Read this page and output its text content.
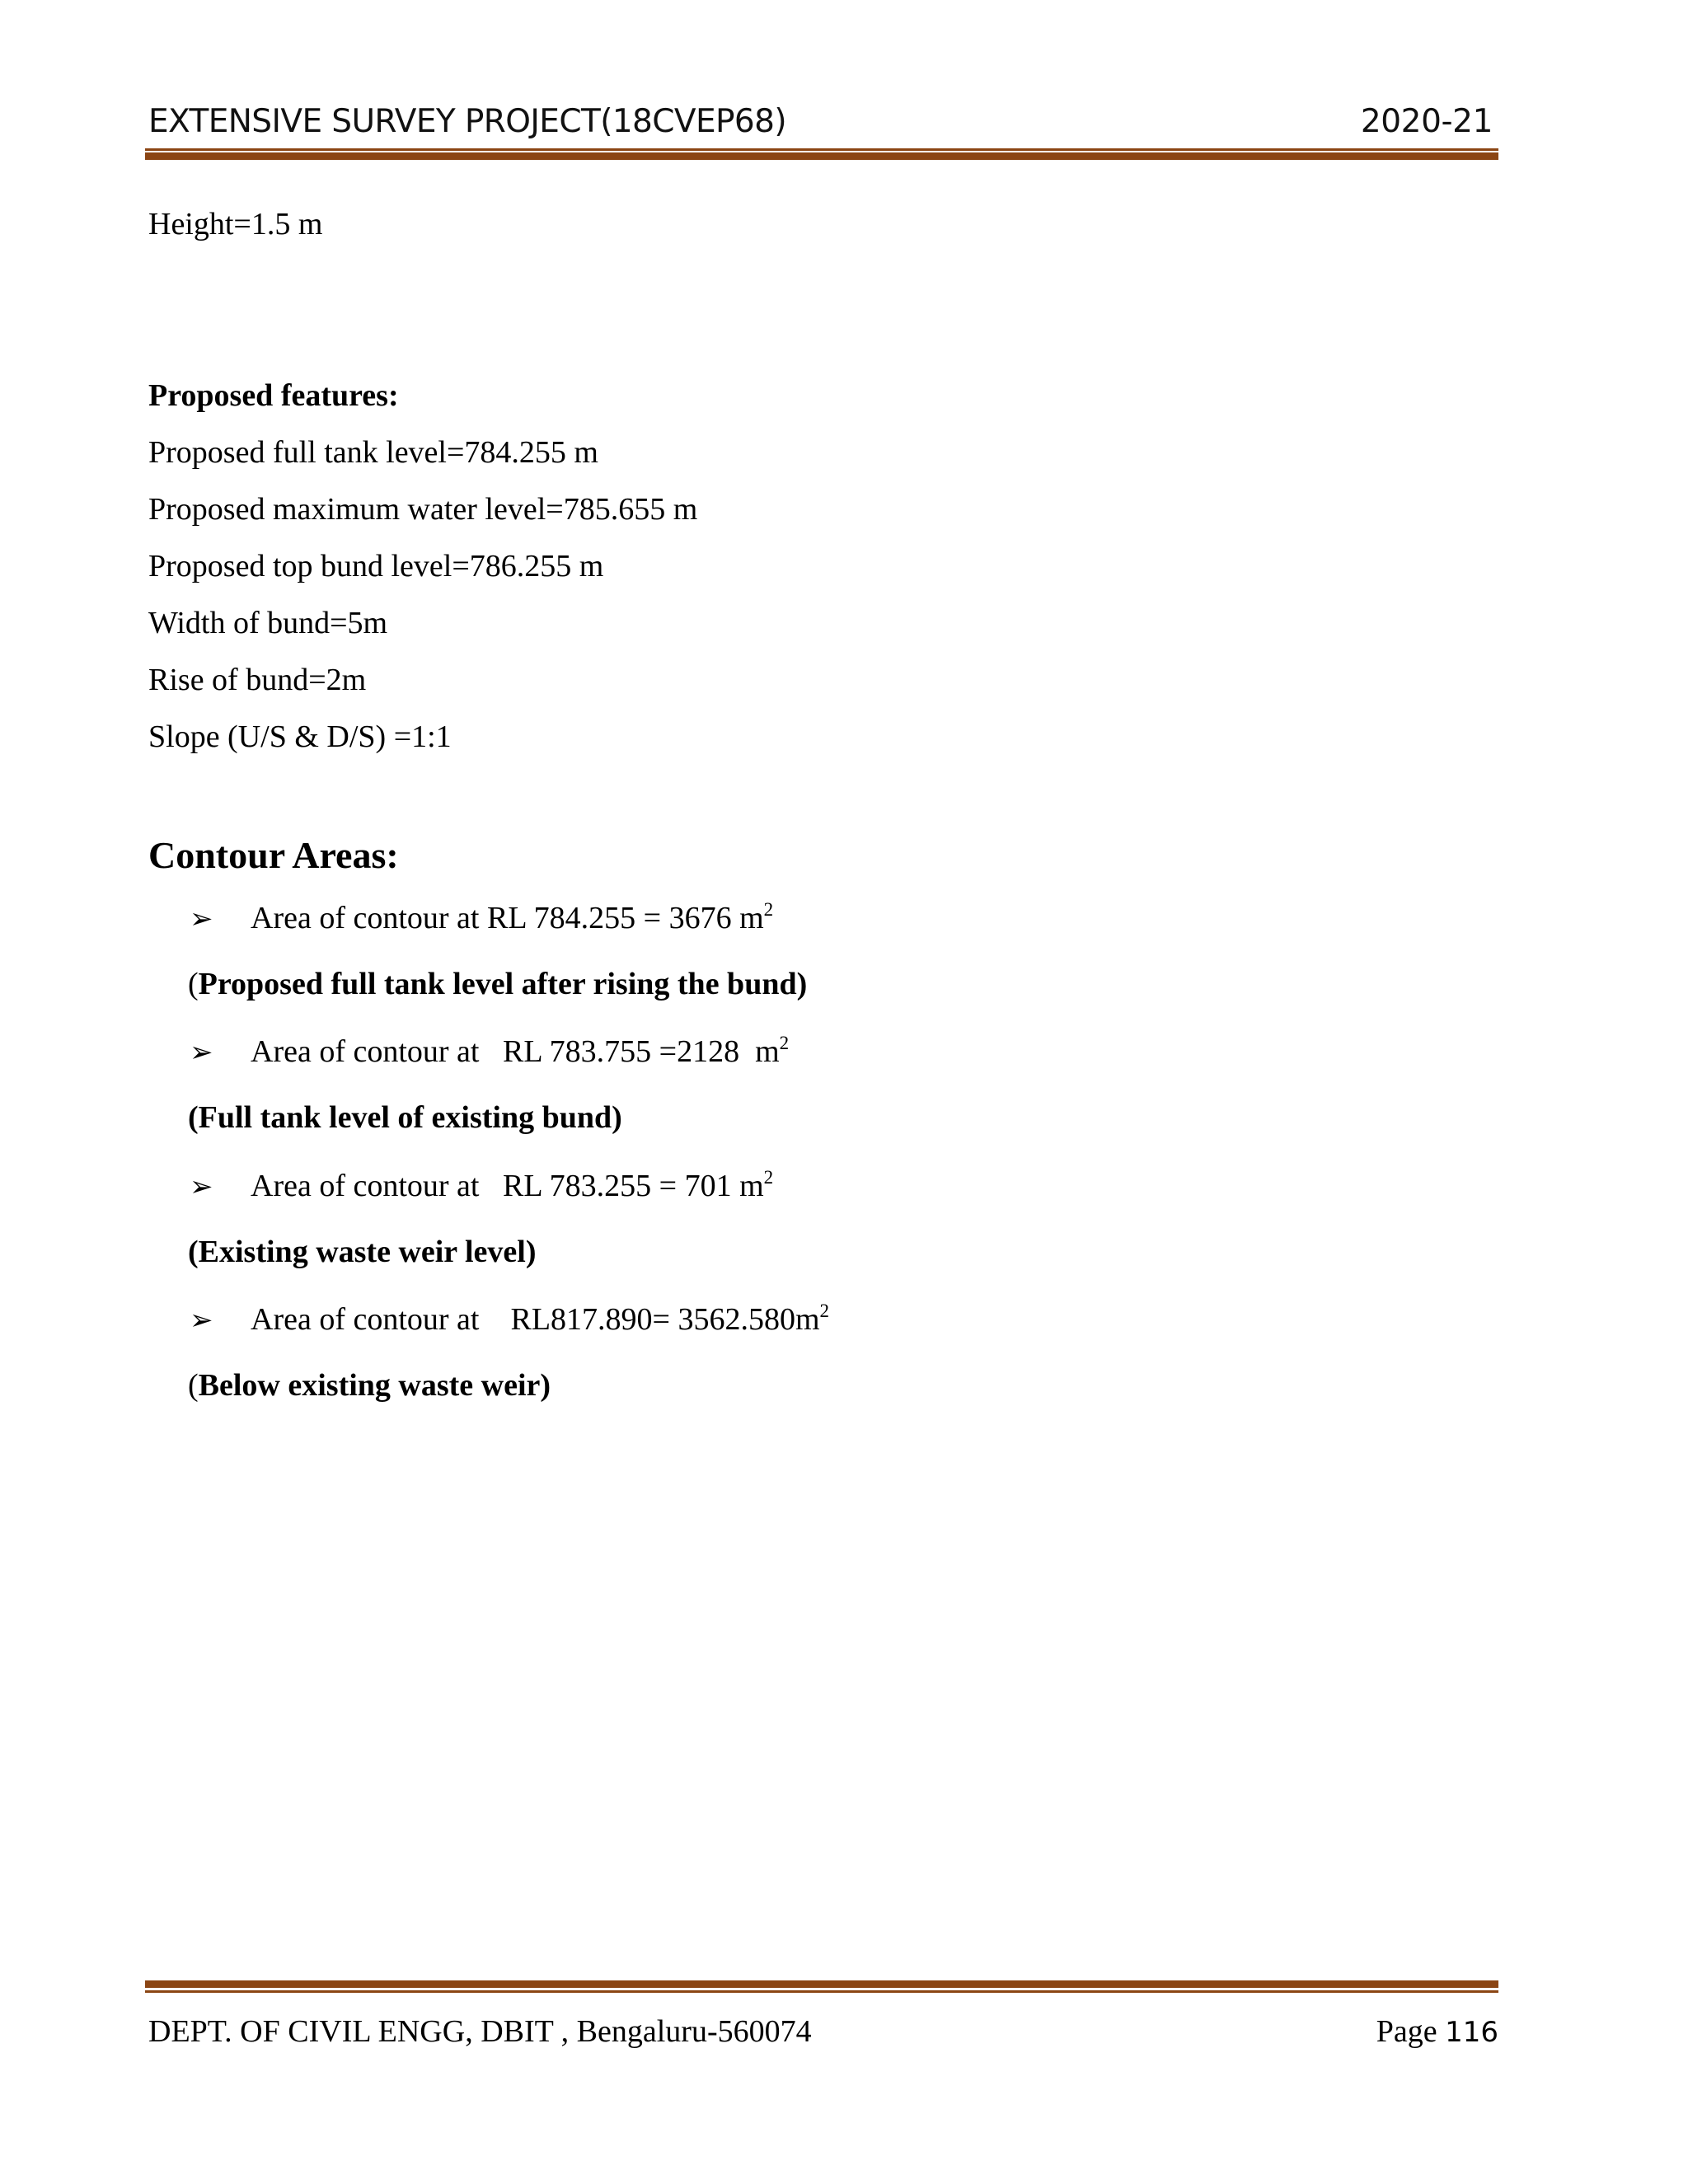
EXTENSIVE SURVEY PROJECT(18CVEP68)	2020-21
Height=1.5 m
Proposed features:
Proposed full tank level=784.255 m
Proposed maximum water level=785.655 m
Proposed top bund level=786.255 m
Width of bund=5m
Rise of bund=2m
Slope (U/S & D/S) =1:1
Contour Areas:
➢ Area of contour at RL 784.255 = 3676 $m^2$
(Proposed full tank level after rising the bund)
➢ Area of contour at   RL 783.755 =2128  $m^2$
(Full tank level of existing bund)
➢ Area of contour at   RL 783.255 = 701 $m^2$
(Existing waste weir level)
➢ Area of contour at    $RL817.890= 3562.580m^2$
(Below existing waste weir)
DEPT. OF CIVIL ENGG, DBIT , Bengaluru-560074	Page 116
